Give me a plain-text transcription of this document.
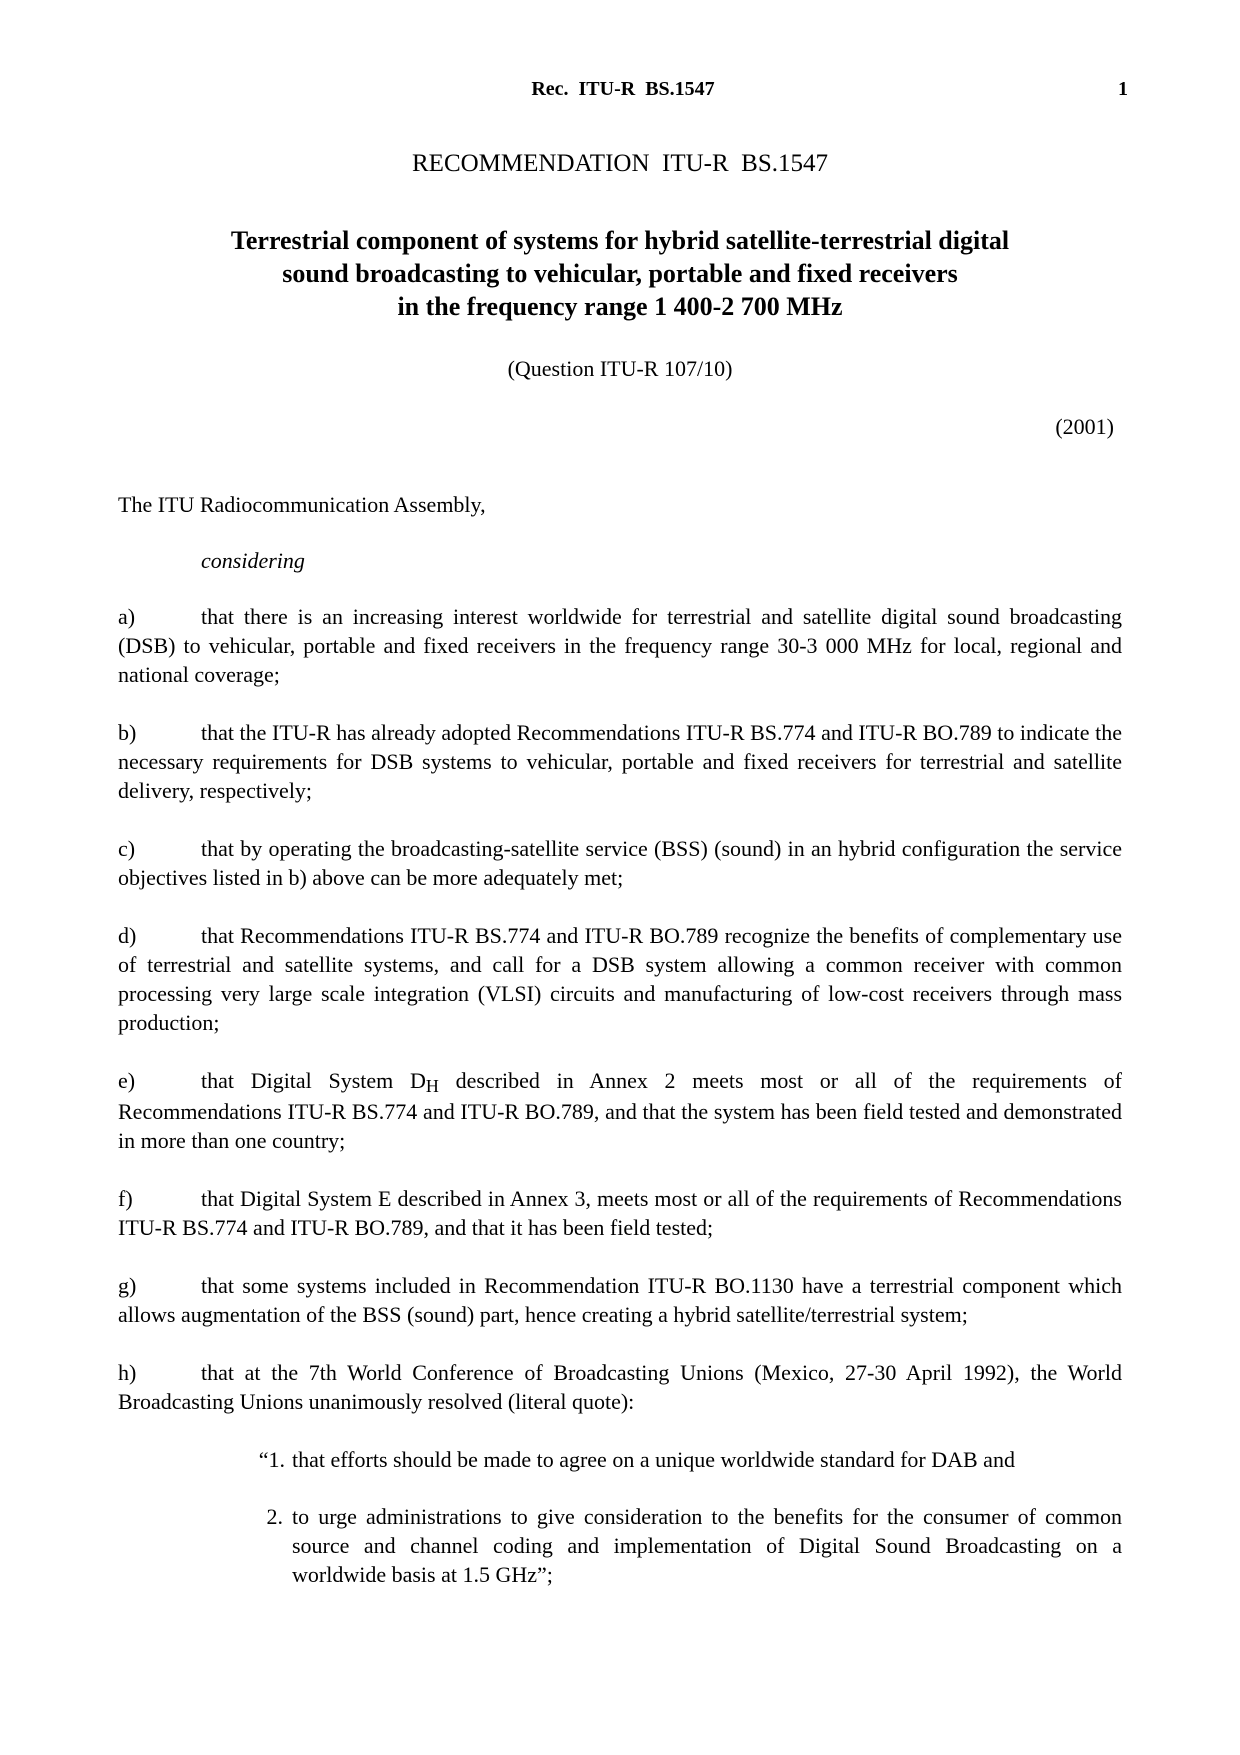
Rec.  ITU-R  BS.1547	1
RECOMMENDATION  ITU-R  BS.1547
Terrestrial component of systems for hybrid satellite-terrestrial digital
sound broadcasting to vehicular, portable and fixed receivers
in the frequency range 1 400-2 700 MHz
(Question ITU-R 107/10)
(2001)

The ITU Radiocommunication Assembly,

considering

a)	that there is an increasing interest worldwide for terrestrial and satellite digital sound broadcasting (DSB) to vehicular, portable and fixed receivers in the frequency range 30-3 000 MHz for local, regional and national coverage;

b)	that the ITU-R has already adopted Recommendations ITU-R BS.774 and ITU-R BO.789 to indicate the necessary requirements for DSB systems to vehicular, portable and fixed receivers for terrestrial and satellite delivery, respectively;

c)	that by operating the broadcasting-satellite service (BSS) (sound) in an hybrid configuration the service objectives listed in b) above can be more adequately met;

d)	that Recommendations ITU-R BS.774 and ITU-R BO.789 recognize the benefits of complementary use of terrestrial and satellite systems, and call for a DSB system allowing a common receiver with common processing very large scale integration (VLSI) circuits and manufacturing of low-cost receivers through mass production;

e)	that Digital System DH described in Annex 2 meets most or all of the requirements of Recommendations ITU-R BS.774 and ITU-R BO.789, and that the system has been field tested and demonstrated in more than one country;

f)	that Digital System E described in Annex 3, meets most or all of the requirements of Recommendations ITU-R BS.774 and ITU-R BO.789, and that it has been field tested;

g)	that some systems included in Recommendation ITU-R BO.1130 have a terrestrial component which allows augmentation of the BSS (sound) part, hence creating a hybrid satellite/terrestrial system;

h)	that at the 7th World Conference of Broadcasting Unions (Mexico, 27-30 April 1992), the World Broadcasting Unions unanimously resolved (literal quote):

“1. that efforts should be made to agree on a unique worldwide standard for DAB and
2. to urge administrations to give consideration to the benefits for the consumer of common source and channel coding and implementation of Digital Sound Broadcasting on a worldwide basis at 1.5 GHz”;
